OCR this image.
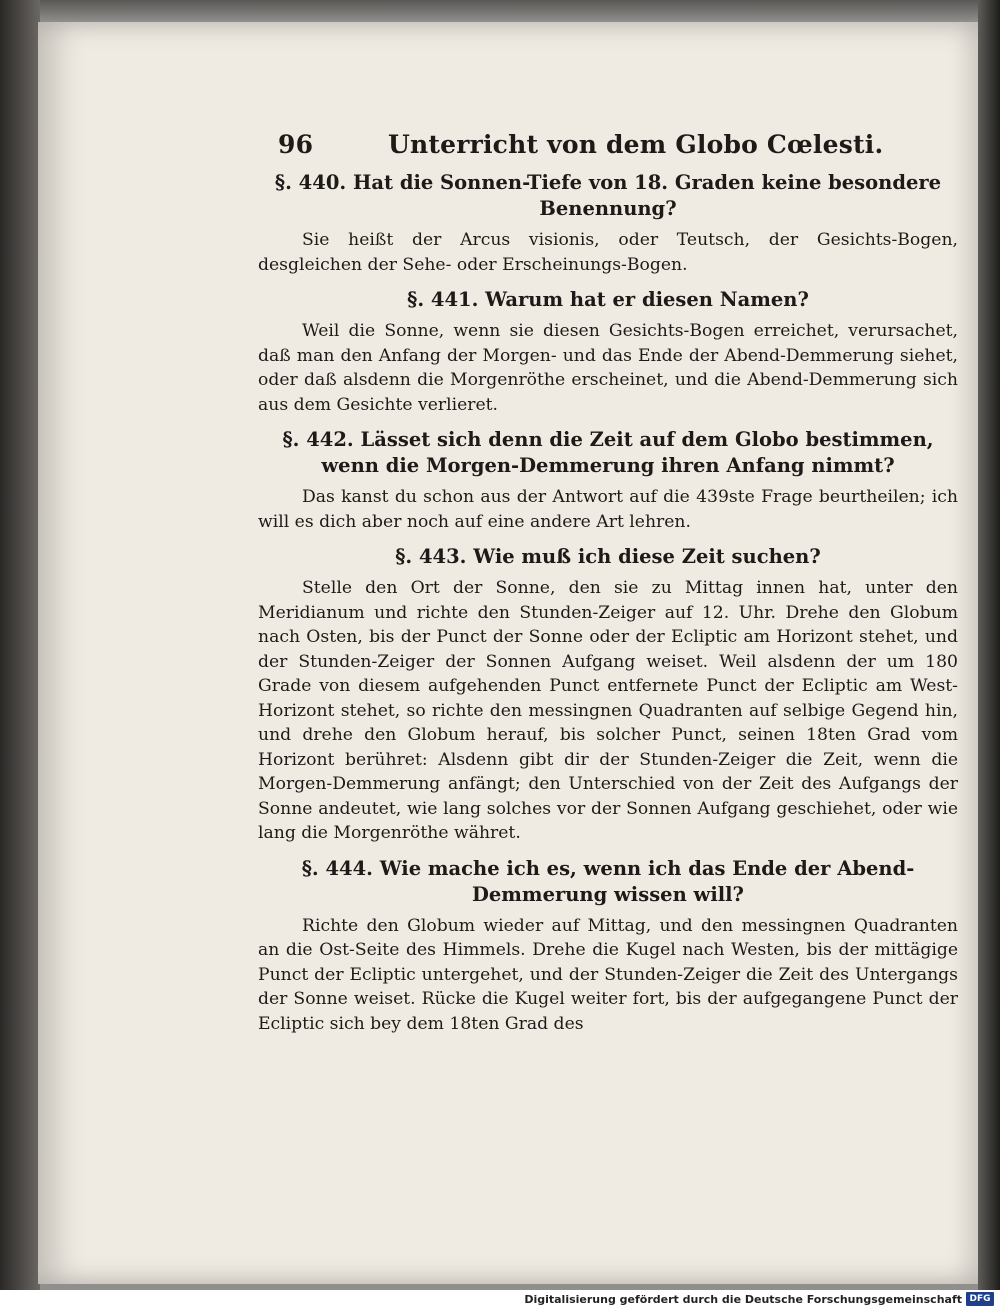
96	Unterricht von dem Globo Cœlesti.

§. 440. Hat die Sonnen-Tiefe von 18. Graden keine besondere Benennung?

Sie heißt der Arcus visionis, oder Teutsch, der Gesichts-Bogen, desgleichen der Sehe- oder Erscheinungs-Bogen.

§. 441. Warum hat er diesen Namen?

Weil die Sonne, wenn sie diesen Gesichts-Bogen erreichet, verursachet, daß man den Anfang der Morgen- und das Ende der Abend-Demmerung siehet, oder daß alsdenn die Morgenröthe erscheinet, und die Abend-Demmerung sich aus dem Gesichte verlieret.

§. 442. Lässet sich denn die Zeit auf dem Globo bestimmen, wenn die Morgen-Demmerung ihren Anfang nimmt?

Das kanst du schon aus der Antwort auf die 439ste Frage beurtheilen; ich will es dich aber noch auf eine andere Art lehren.

§. 443. Wie muß ich diese Zeit suchen?

Stelle den Ort der Sonne, den sie zu Mittag innen hat, unter den Meridianum und richte den Stunden-Zeiger auf 12. Uhr. Drehe den Globum nach Osten, bis der Punct der Sonne oder der Ecliptic am Horizont stehet, und der Stunden-Zeiger der Sonnen Aufgang weiset. Weil alsdenn der um 180 Grade von diesem aufgehenden Punct entfernete Punct der Ecliptic am West-Horizont stehet, so richte den messingnen Quadranten auf selbige Gegend hin, und drehe den Globum herauf, bis solcher Punct, seinen 18ten Grad vom Horizont berühret: Alsdenn gibt dir der Stunden-Zeiger die Zeit, wenn die Morgen-Demmerung anfängt; den Unterschied von der Zeit des Aufgangs der Sonne andeutet, wie lang solches vor der Sonnen Aufgang geschiehet, oder wie lang die Morgenröthe währet.

§. 444. Wie mache ich es, wenn ich das Ende der Abend-Demmerung wissen will?

Richte den Globum wieder auf Mittag, und den messingnen Quadranten an die Ost-Seite des Himmels. Drehe die Kugel nach Westen, bis der mittägige Punct der Ecliptic untergehet, und der Stunden-Zeiger die Zeit des Untergangs der Sonne weiset. Rücke die Kugel weiter fort, bis der aufgegangene Punct der Ecliptic sich bey dem 18ten Grad des

Digitalisierung gefördert durch die Deutsche Forschungsgemeinschaft DFG
